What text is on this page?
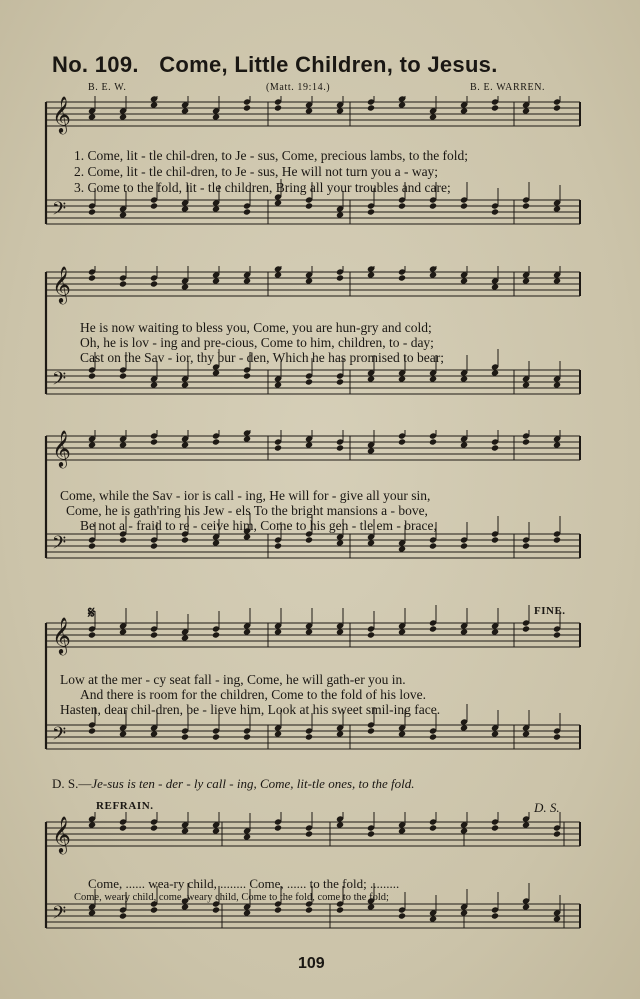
No. 109. Come, Little Children, to Jesus.
B. E. W.	(Matt. 19:14.)	B. E. WARREN.
𝄞
𝄢
1. Come, lit - tle chil-dren, to Je - sus, Come, precious lambs, to the fold;
2. Come, lit - tle chil-dren, to Je - sus, He will not turn you a - way;
3. Come to the fold, lit - tle children, Bring all your troubles and care;
𝄞
𝄢
He is now waiting to bless you, Come, you are hun-gry and cold;
Oh, he is lov - ing and pre-cious, Come to him, children, to - day;
Cast on the Sav - ior, thy bur - den, Which he has promised to bear;
𝄞
𝄢
Come, while the Sav - ior is call - ing, He will for - give all your sin,
Come, he is gath'ring his Jew - els To the bright mansions a - bove,
Be not a - fraid to re - ceive him, Come to his gen - tle em - brace,
𝄞
𝄢
𝄋	FINE.
Low at the mer - cy seat fall - ing, Come, he will gath-er you in.
And there is room for the children, Come to the fold of his love.
Hasten, dear chil-dren, be - lieve him, Look at his sweet smil-ing face.
D. S.—Je-sus is ten - der - ly call - ing, Come, lit-tle ones, to the fold.
REFRAIN.	D. S.
𝄞
𝄢
Come, ...... wea-ry child, ........ Come, ...... to the fold; .........
Come, weary child, come, weary child, Come to the fold, come to the fold;
109
